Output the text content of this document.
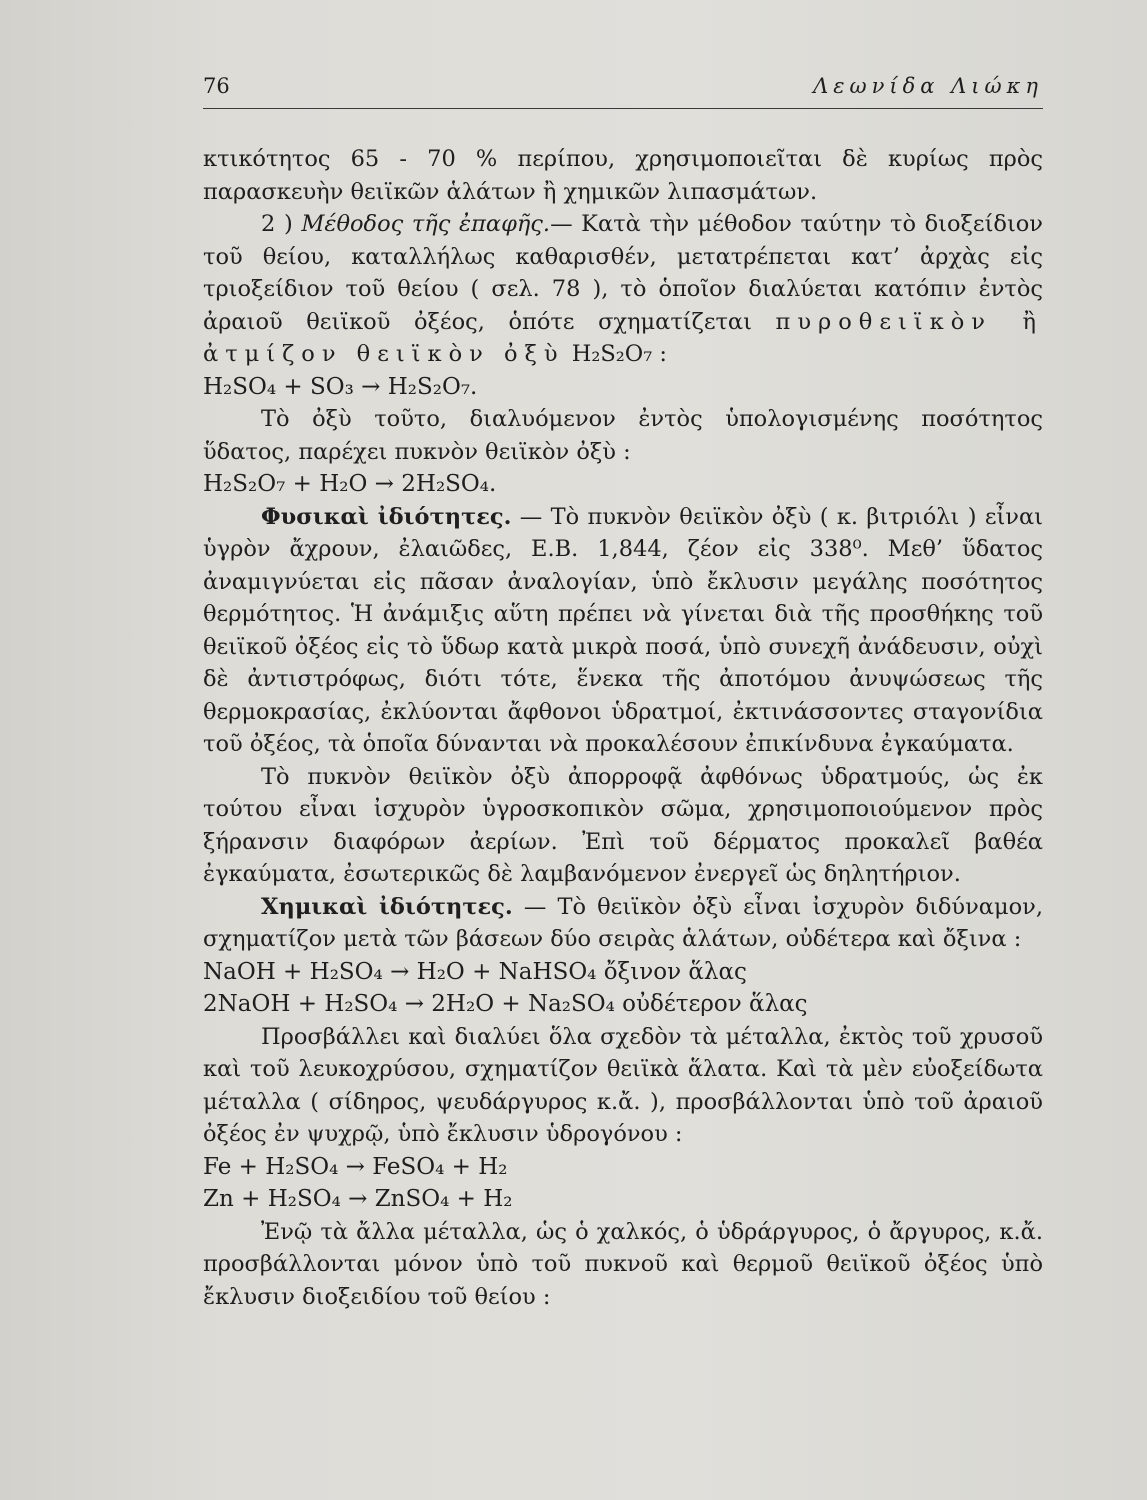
76	Λεωνίδα Λιώκη

κτικότητος 65 - 70 % περίπου, χρησιμοποιεῖται δὲ κυρίως πρὸς παρασκευὴν θειϊκῶν ἁλάτων ἢ χημικῶν λιπασμάτων.

2 ) Μέθοδος τῆς ἐπαφῆς.— Κατὰ τὴν μέθοδον ταύτην τὸ διοξείδιον τοῦ θείου, καταλλήλως καθαρισθέν, μετατρέπεται κατ’ ἀρχὰς εἰς τριοξείδιον τοῦ θείου ( σελ. 78 ), τὸ ὁποῖον διαλύεται κατόπιν ἐντὸς ἀραιοῦ θειϊκοῦ ὀξέος, ὁπότε σχηματίζεται πυροθειϊκὸν ἢ ἀτμίζον θειϊκὸν ὀξὺ H₂S₂O₇ :

H₂SO₄ + SO₃ → H₂S₂O₇.

Τὸ ὀξὺ τοῦτο, διαλυόμενον ἐντὸς ὑπολογισμένης ποσότητος ὕδατος, παρέχει πυκνὸν θειϊκὸν ὀξὺ :

H₂S₂O₇ + H₂O → 2H₂SO₄.

Φυσικαὶ ἰδιότητες. — Τὸ πυκνὸν θειϊκὸν ὀξὺ ( κ. βιτριόλι ) εἶναι ὑγρὸν ἄχρουν, ἐλαιῶδες, Ε.Β. 1,844, ζέον εἰς 338⁰. Μεθ’ ὕδατος ἀναμιγνύεται εἰς πᾶσαν ἀναλογίαν, ὑπὸ ἔκλυσιν μεγάλης ποσότητος θερμότητος. Ἡ ἀνάμιξις αὕτη πρέπει νὰ γίνεται διὰ τῆς προσθήκης τοῦ θειϊκοῦ ὀξέος εἰς τὸ ὕδωρ κατὰ μικρὰ ποσά, ὑπὸ συνεχῆ ἀνάδευσιν, οὐχὶ δὲ ἀντιστρόφως, διότι τότε, ἕνεκα τῆς ἀποτόμου ἀνυψώσεως τῆς θερμοκρασίας, ἐκλύονται ἄφθονοι ὑδρατμοί, ἐκτινάσσοντες σταγονίδια τοῦ ὀξέος, τὰ ὁποῖα δύνανται νὰ προκαλέσουν ἐπικίνδυνα ἐγκαύματα.

Τὸ πυκνὸν θειϊκὸν ὀξὺ ἀπορροφᾷ ἀφθόνως ὑδρατμούς, ὡς ἐκ τούτου εἶναι ἰσχυρὸν ὑγροσκοπικὸν σῶμα, χρησιμοποιούμενον πρὸς ξήρανσιν διαφόρων ἀερίων. Ἐπὶ τοῦ δέρματος προκαλεῖ βαθέα ἐγκαύματα, ἐσωτερικῶς δὲ λαμβανόμενον ἐνεργεῖ ὡς δηλητήριον.

Χημικαὶ ἰδιότητες. — Τὸ θειϊκὸν ὀξὺ εἶναι ἰσχυρὸν διδύναμον, σχηματίζον μετὰ τῶν βάσεων δύο σειρὰς ἁλάτων, οὐδέτερα καὶ ὄξινα :

NaOH + H₂SO₄ → H₂O + NaHSO₄ ὄξινον ἅλας

2NaOH + H₂SO₄ → 2H₂O + Na₂SO₄ οὐδέτερον ἅλας

Προσβάλλει καὶ διαλύει ὅλα σχεδὸν τὰ μέταλλα, ἐκτὸς τοῦ χρυσοῦ καὶ τοῦ λευκοχρύσου, σχηματίζον θειϊκὰ ἅλατα. Καὶ τὰ μὲν εὐοξείδωτα μέταλλα ( σίδηρος, ψευδάργυρος κ.ἄ. ), προσβάλλονται ὑπὸ τοῦ ἀραιοῦ ὀξέος ἐν ψυχρῷ, ὑπὸ ἔκλυσιν ὑδρογόνου :

Fe + H₂SO₄ → FeSO₄ + H₂

Zn + H₂SO₄ → ZnSO₄ + H₂

Ἐνῷ τὰ ἄλλα μέταλλα, ὡς ὁ χαλκός, ὁ ὑδράργυρος, ὁ ἄργυρος, κ.ἄ. προσβάλλονται μόνον ὑπὸ τοῦ πυκνοῦ καὶ θερμοῦ θειϊκοῦ ὀξέος ὑπὸ ἔκλυσιν διοξειδίου τοῦ θείου :
